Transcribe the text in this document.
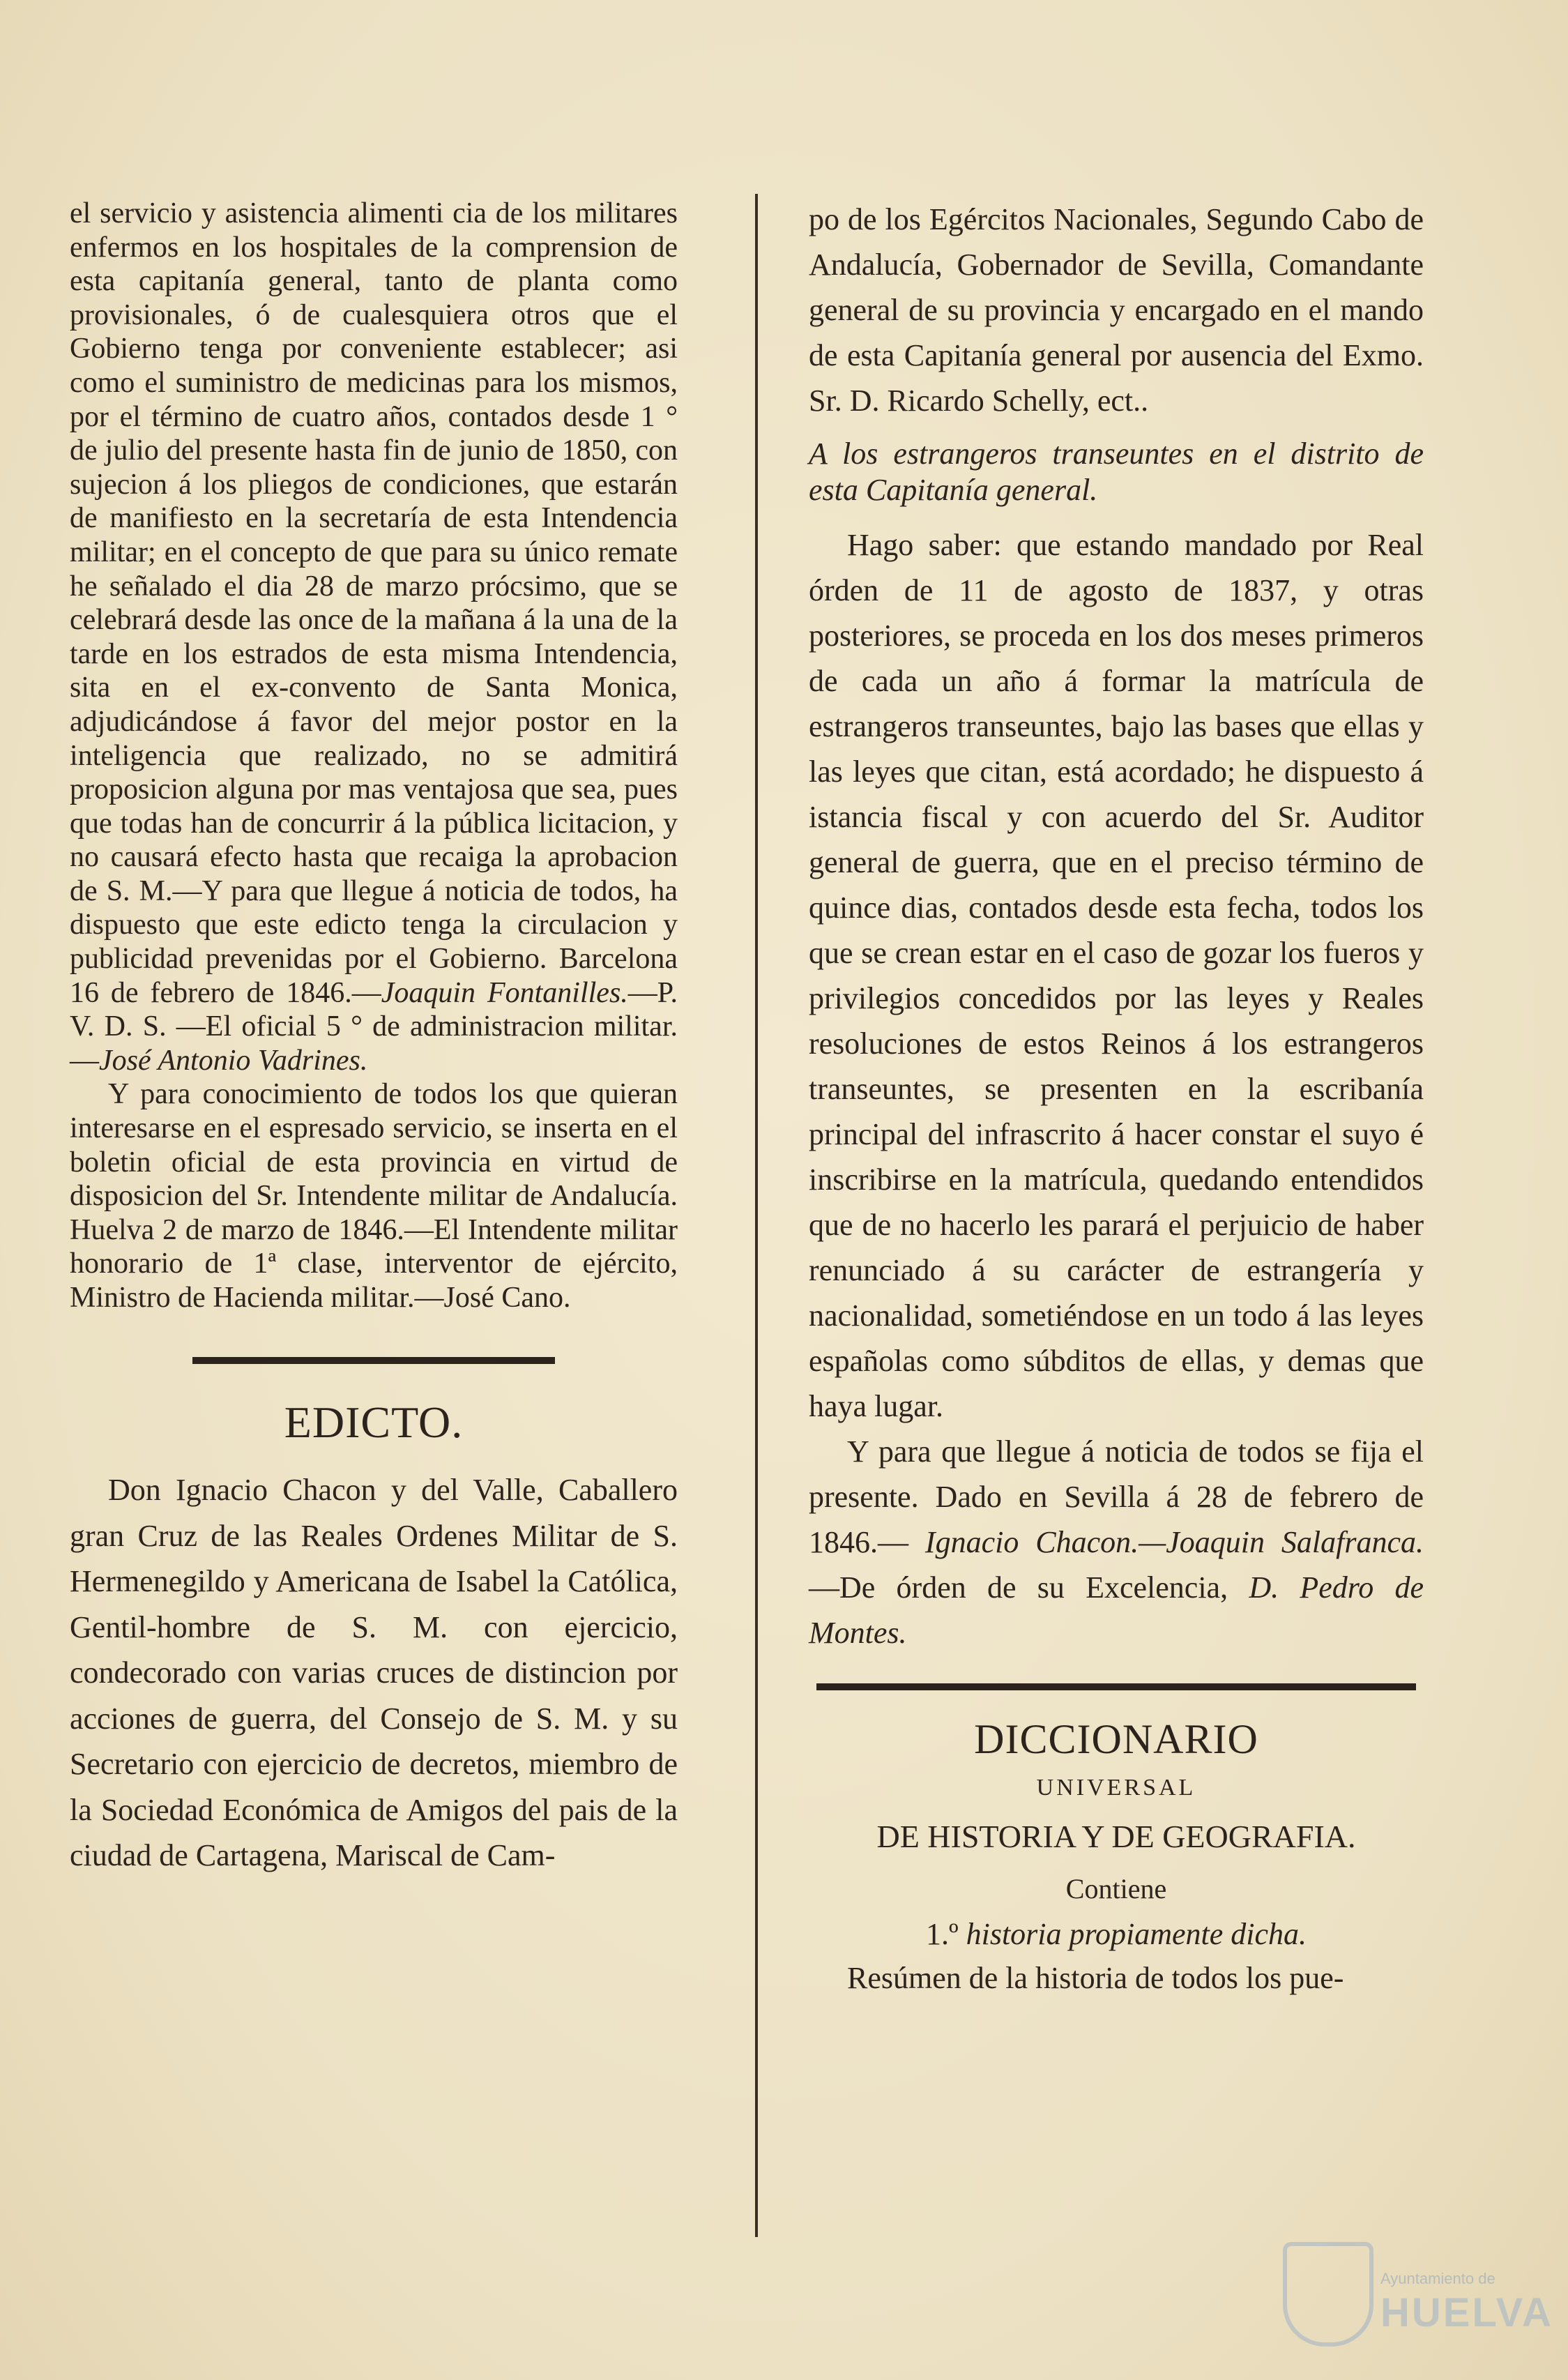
el servicio y asistencia alimenti cia de los militares enfermos en los hospitales de la comprension de esta capitanía general, tanto de planta como provisionales, ó de cualesquiera otros que el Gobierno tenga por conveniente establecer; asi como el suministro de medicinas para los mismos, por el término de cuatro años, contados desde 1 ° de julio del presente hasta fin de junio de 1850, con sujecion á los pliegos de condiciones, que estarán de manifiesto en la secretaría de esta Intendencia militar; en el concepto de que para su único remate he señalado el dia 28 de marzo prócsimo, que se celebrará desde las once de la mañana á la una de la tarde en los estrados de esta misma Intendencia, sita en el ex-convento de Santa Monica, adjudicándose á favor del mejor postor en la inteligencia que realizado, no se admitirá proposicion alguna por mas ventajosa que sea, pues que todas han de concurrir á la pública licitacion, y no causará efecto hasta que recaiga la aprobacion de S. M.—Y para que llegue á noticia de todos, ha dispuesto que este edicto tenga la circulacion y publicidad prevenidas por el Gobierno. Barcelona 16 de febrero de 1846.—Joaquin Fontanilles.—P. V. D. S. —El oficial 5 ° de administracion militar. —José Antonio Vadrines.

Y para conocimiento de todos los que quieran interesarse en el espresado servicio, se inserta en el boletin oficial de esta provincia en virtud de disposicion del Sr. Intendente militar de Andalucía. Huelva 2 de marzo de 1846.—El Intendente militar honorario de 1ª clase, interventor de ejército, Ministro de Hacienda militar.—José Cano.

EDICTO.

Don Ignacio Chacon y del Valle, Caballero gran Cruz de las Reales Ordenes Militar de S. Hermenegildo y Americana de Isabel la Católica, Gentil-hombre de S. M. con ejercicio, condecorado con varias cruces de distincion por acciones de guerra, del Consejo de S. M. y su Secretario con ejercicio de decretos, miembro de la Sociedad Económica de Amigos del pais de la ciudad de Cartagena, Mariscal de Cam-

po de los Egércitos Nacionales, Segundo Cabo de Andalucía, Gobernador de Sevilla, Comandante general de su provincia y encargado en el mando de esta Capitanía general por ausencia del Exmo. Sr. D. Ricardo Schelly, ect..

A los estrangeros transeuntes en el distrito de esta Capitanía general.

Hago saber: que estando mandado por Real órden de 11 de agosto de 1837, y otras posteriores, se proceda en los dos meses primeros de cada un año á formar la matrícula de estrangeros transeuntes, bajo las bases que ellas y las leyes que citan, está acordado; he dispuesto á istancia fiscal y con acuerdo del Sr. Auditor general de guerra, que en el preciso término de quince dias, contados desde esta fecha, todos los que se crean estar en el caso de gozar los fueros y privilegios concedidos por las leyes y Reales resoluciones de estos Reinos á los estrangeros transeuntes, se presenten en la escribanía principal del infrascrito á hacer constar el suyo é inscribirse en la matrícula, quedando entendidos que de no hacerlo les parará el perjuicio de haber renunciado á su carácter de estrangería y nacionalidad, sometiéndose en un todo á las leyes españolas como súbditos de ellas, y demas que haya lugar.

Y para que llegue á noticia de todos se fija el presente. Dado en Sevilla á 28 de febrero de 1846.— Ignacio Chacon.—Joaquin Salafranca.—De órden de su Excelencia, D. Pedro de Montes.

DICCIONARIO
UNIVERSAL
DE HISTORIA Y DE GEOGRAFIA.
Contiene
1.º historia propiamente dicha.

Resúmen de la historia de todos los pue-

Ayuntamiento de
HUELVA
